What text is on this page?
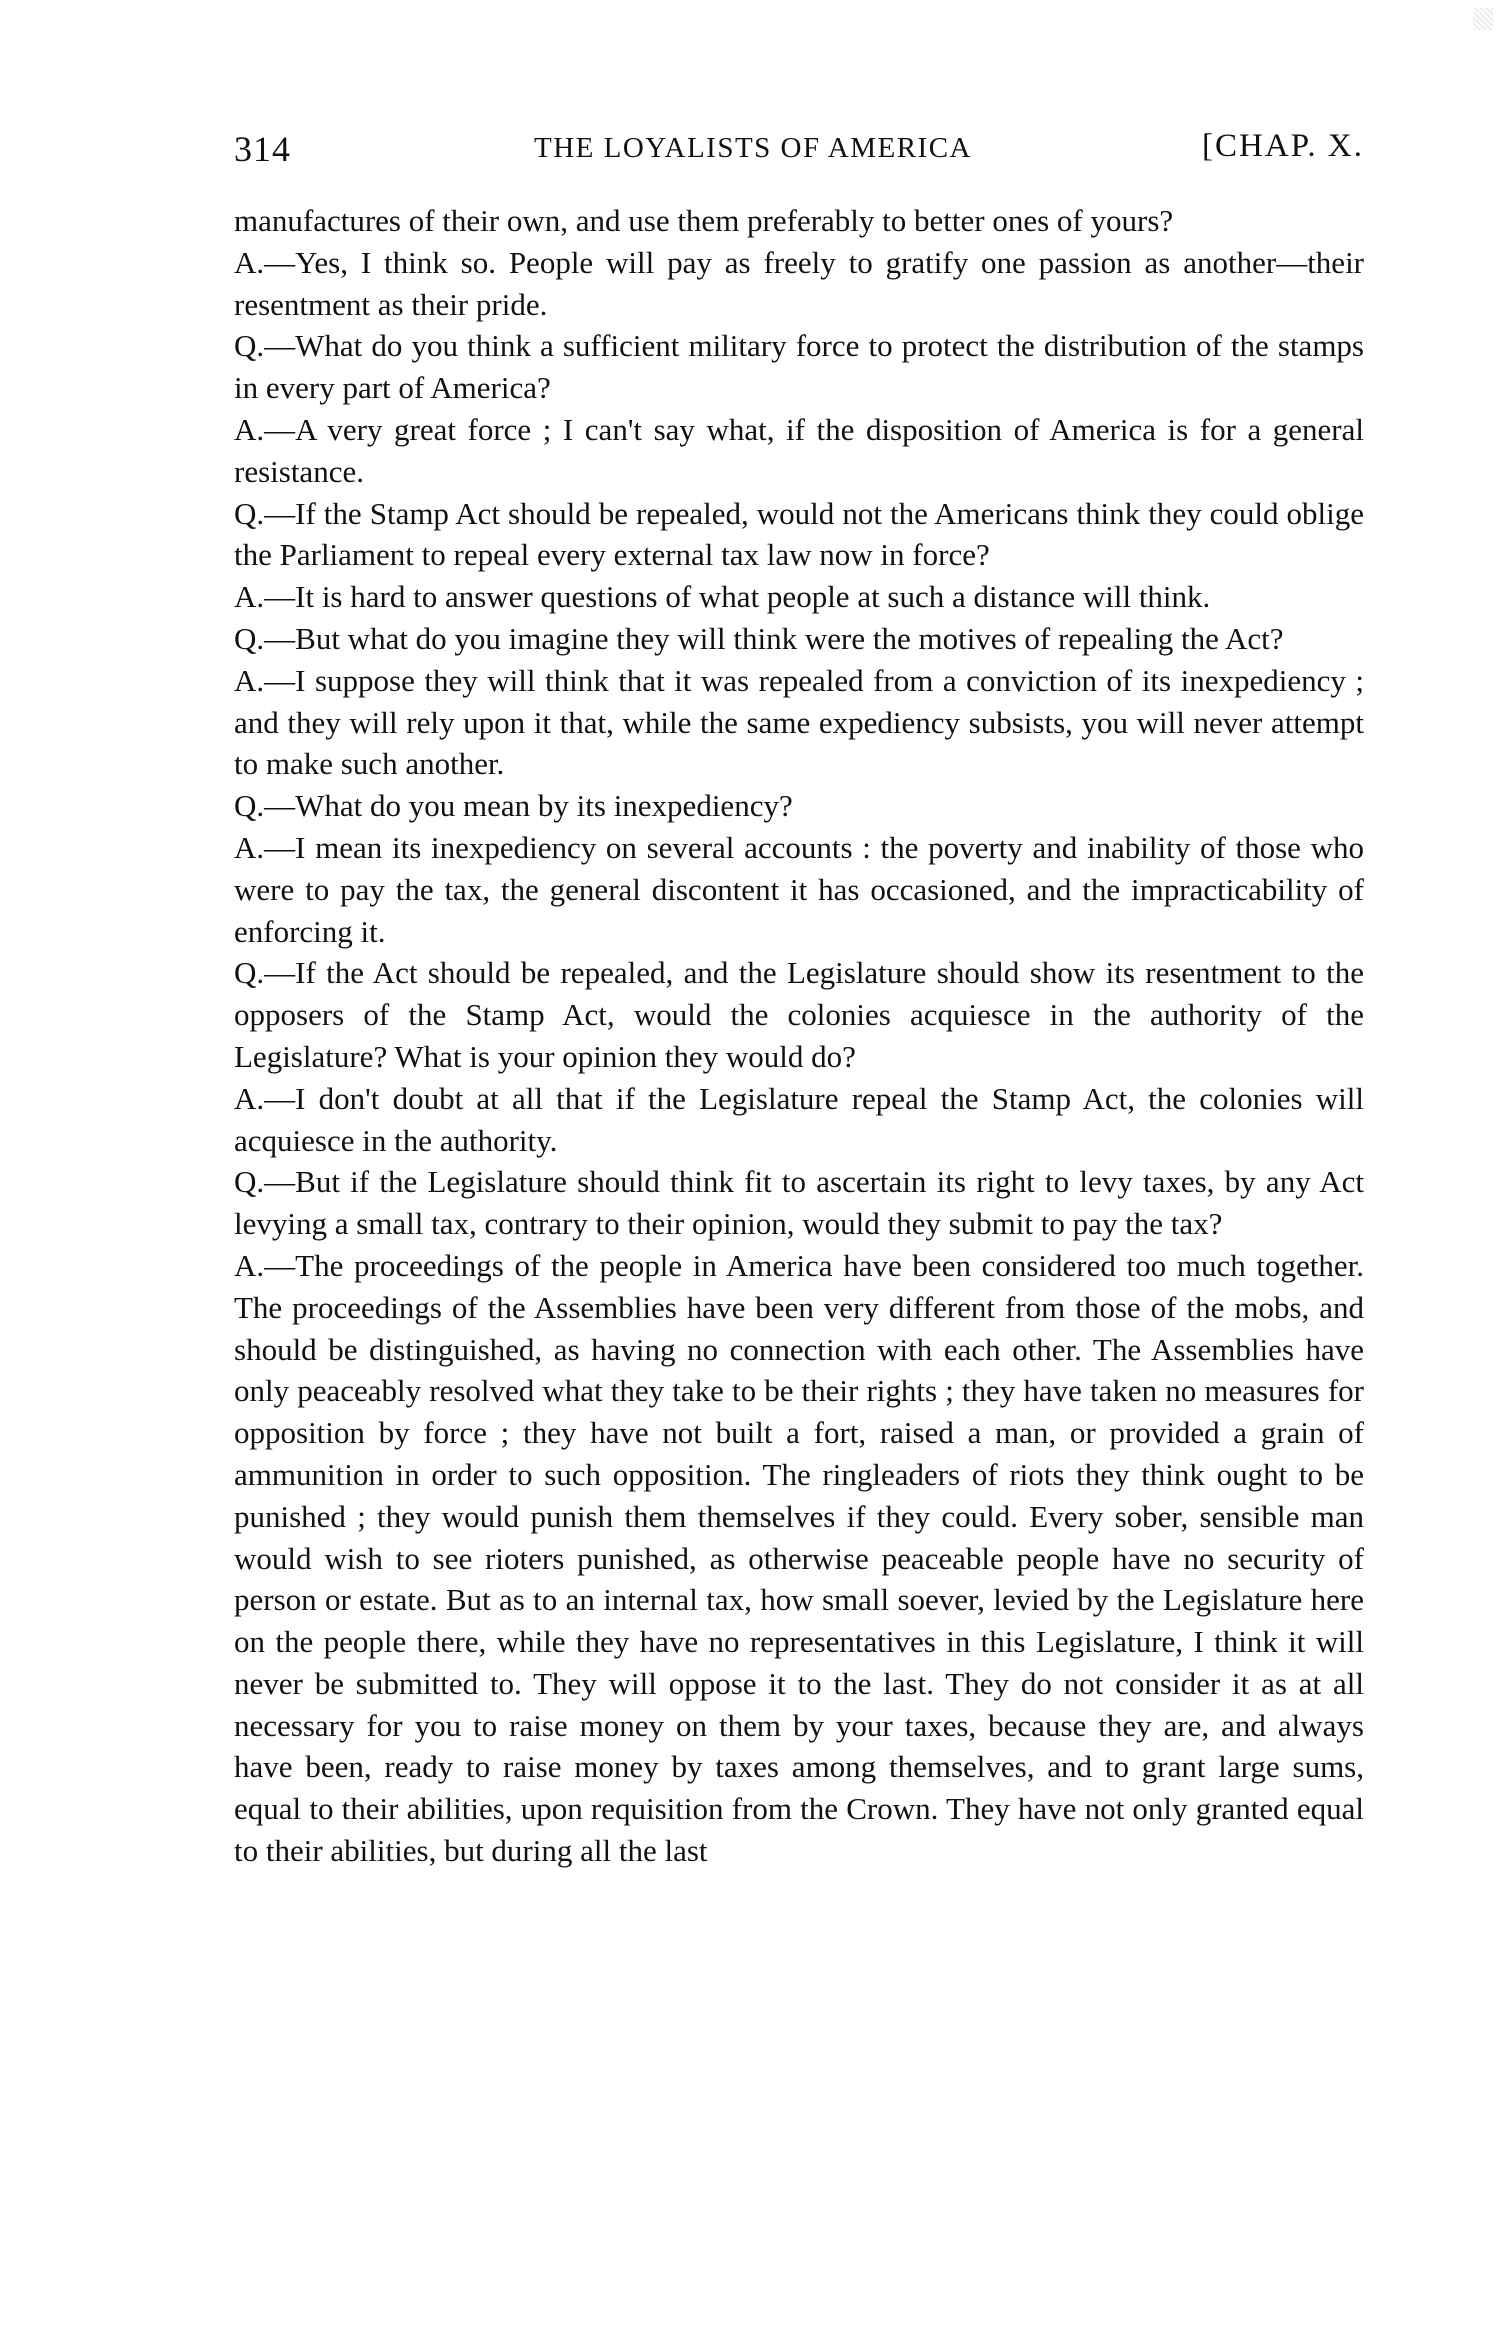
314	THE LOYALISTS OF AMERICA	[CHAP. X.

manufactures of their own, and use them preferably to better ones of yours?

A.—Yes, I think so. People will pay as freely to gratify one passion as another—their resentment as their pride.

Q.—What do you think a sufficient military force to protect the distribution of the stamps in every part of America?

A.—A very great force ; I can't say what, if the disposition of America is for a general resistance.

Q.—If the Stamp Act should be repealed, would not the Americans think they could oblige the Parliament to repeal every external tax law now in force?

A.—It is hard to answer questions of what people at such a distance will think.

Q.—But what do you imagine they will think were the motives of repealing the Act?

A.—I suppose they will think that it was repealed from a conviction of its inexpediency ; and they will rely upon it that, while the same expediency subsists, you will never attempt to make such another.

Q.—What do you mean by its inexpediency?

A.—I mean its inexpediency on several accounts : the poverty and inability of those who were to pay the tax, the general discontent it has occasioned, and the impracticability of enforcing it.

Q.—If the Act should be repealed, and the Legislature should show its resentment to the opposers of the Stamp Act, would the colonies acquiesce in the authority of the Legislature? What is your opinion they would do?

A.—I don't doubt at all that if the Legislature repeal the Stamp Act, the colonies will acquiesce in the authority.

Q.—But if the Legislature should think fit to ascertain its right to levy taxes, by any Act levying a small tax, contrary to their opinion, would they submit to pay the tax?

A.—The proceedings of the people in America have been considered too much together. The proceedings of the Assemblies have been very different from those of the mobs, and should be distinguished, as having no connection with each other. The Assemblies have only peaceably resolved what they take to be their rights ; they have taken no measures for opposition by force ; they have not built a fort, raised a man, or provided a grain of ammunition in order to such opposition. The ringleaders of riots they think ought to be punished ; they would punish them themselves if they could. Every sober, sensible man would wish to see rioters punished, as otherwise peaceable people have no security of person or estate. But as to an internal tax, how small soever, levied by the Legislature here on the people there, while they have no representatives in this Legislature, I think it will never be submitted to. They will oppose it to the last. They do not consider it as at all necessary for you to raise money on them by your taxes, because they are, and always have been, ready to raise money by taxes among themselves, and to grant large sums, equal to their abilities, upon requisition from the Crown. They have not only granted equal to their abilities, but during all the last
